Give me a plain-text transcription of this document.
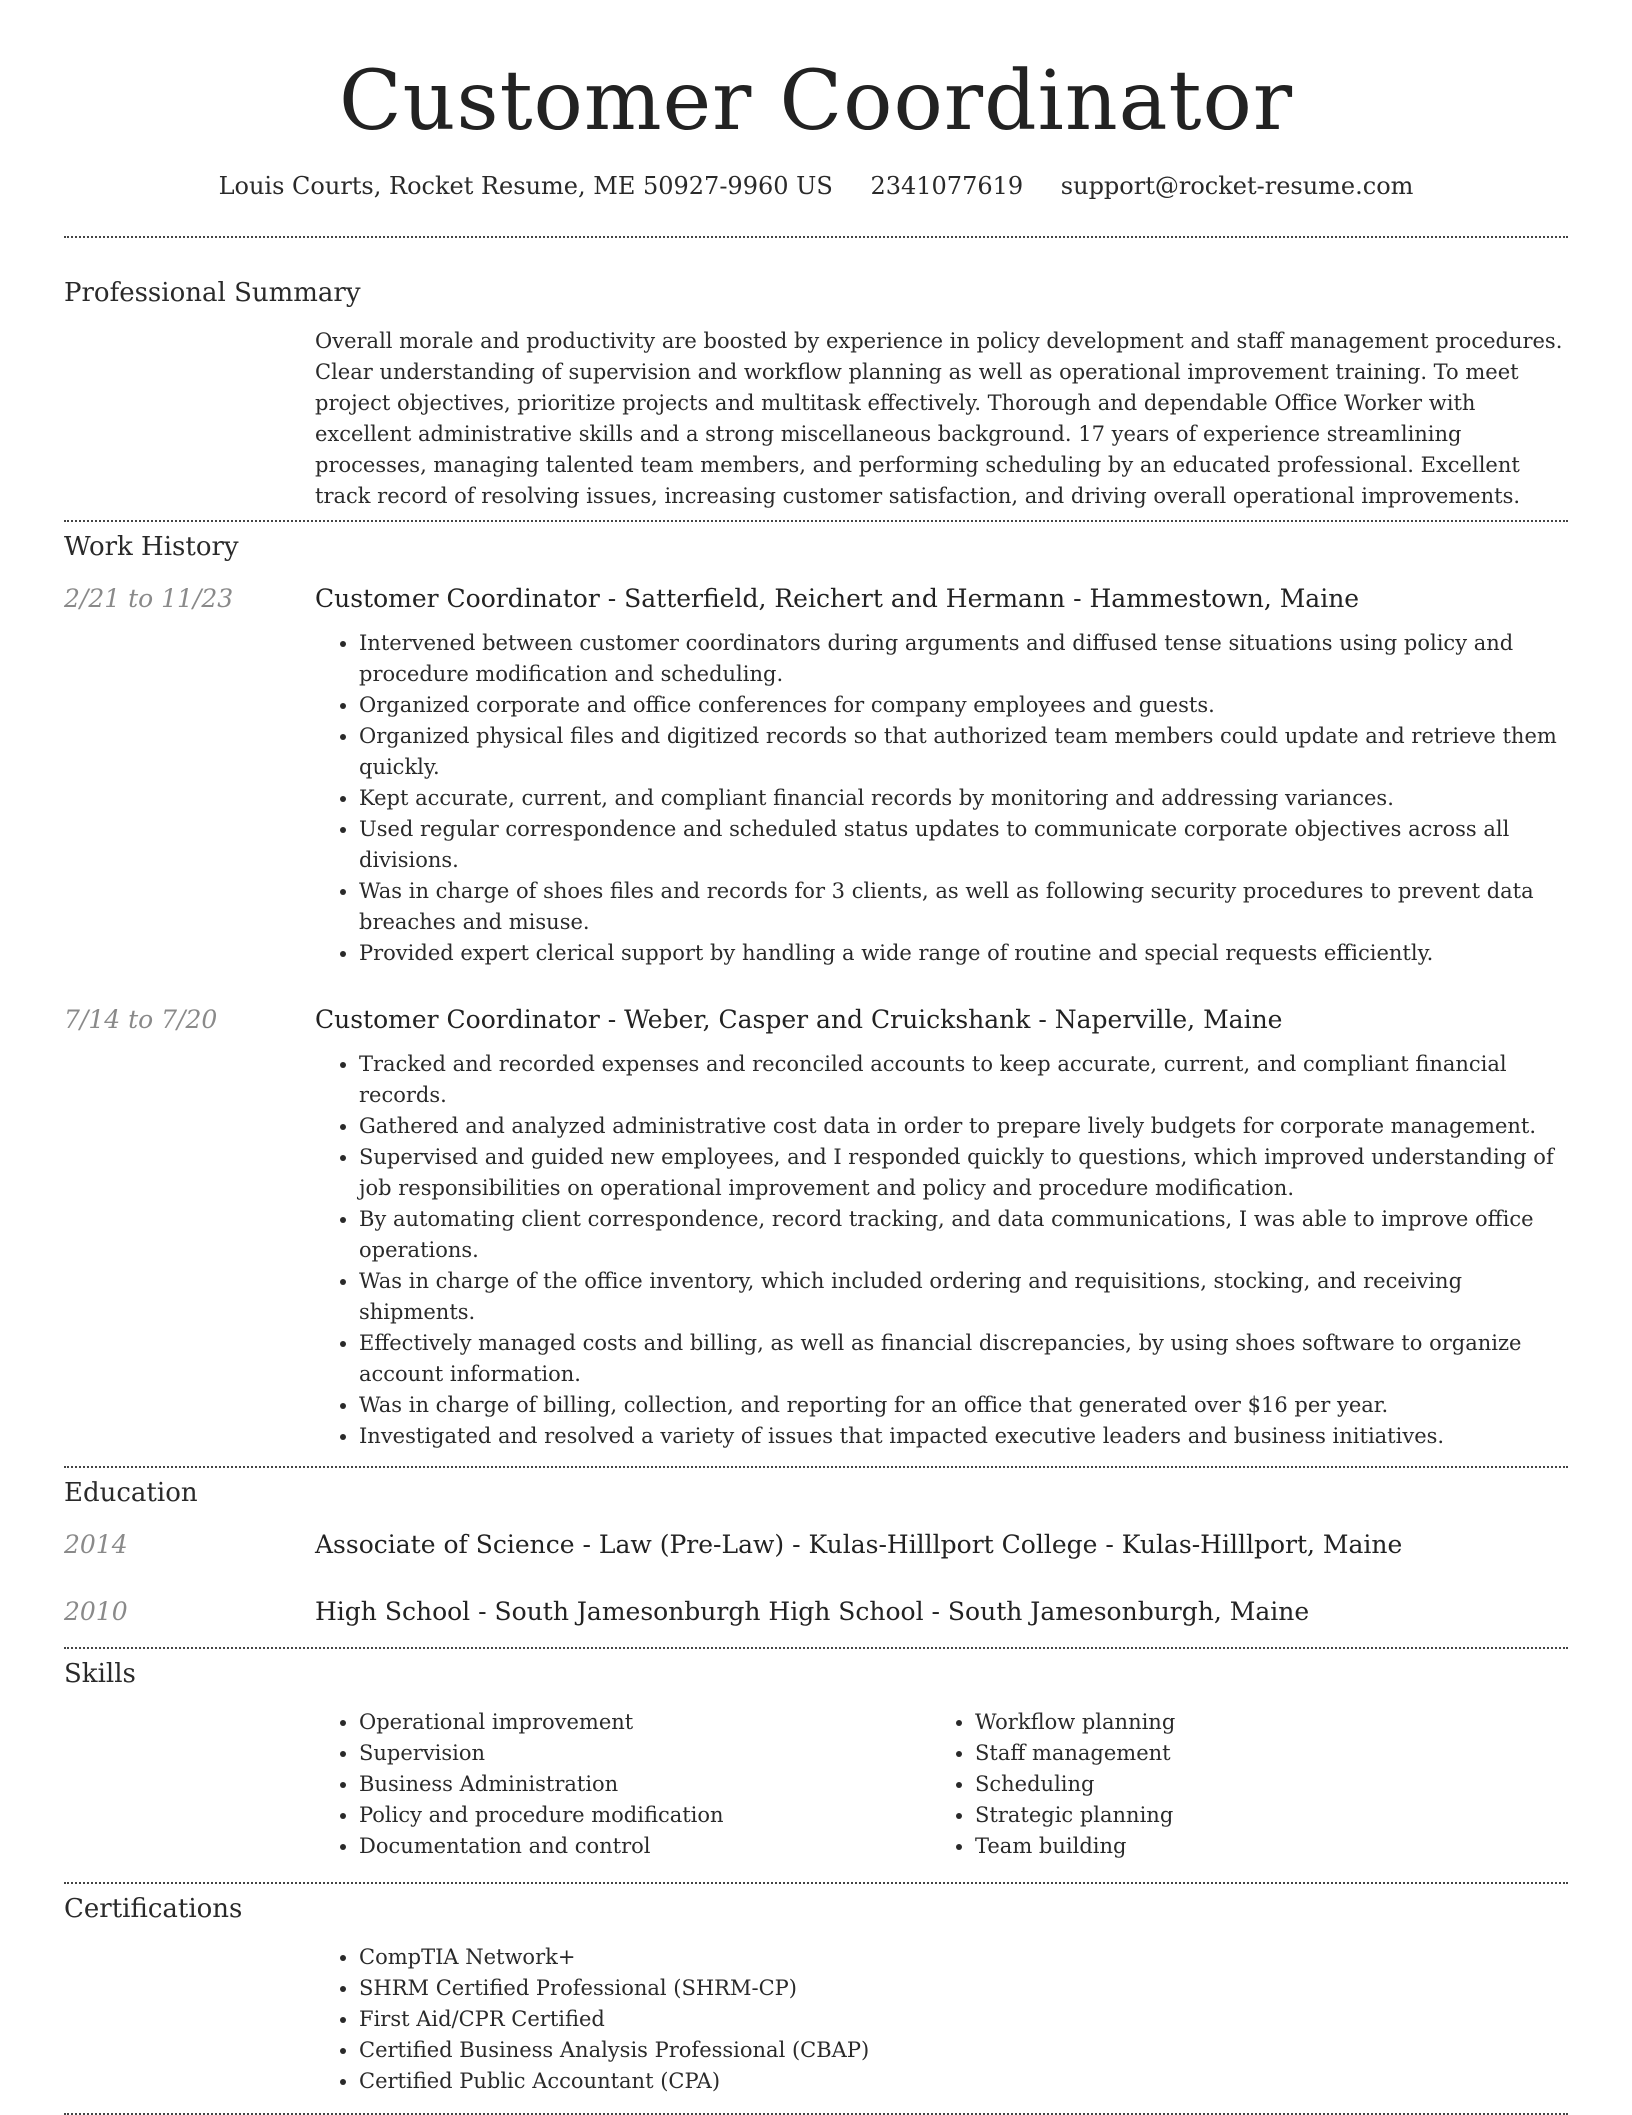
Customer Coordinator
Louis Courts, Rocket Resume, ME 50927-9960 US 2341077619 support@rocket-resume.com
Professional Summary
Overall morale and productivity are boosted by experience in policy development and staff management procedures. Clear understanding of supervision and workflow planning as well as operational improvement training. To meet project objectives, prioritize projects and multitask effectively. Thorough and dependable Office Worker with excellent administrative skills and a strong miscellaneous background. 17 years of experience streamlining processes, managing talented team members, and performing scheduling by an educated professional. Excellent track record of resolving issues, increasing customer satisfaction, and driving overall operational improvements.
Work History
2/21 to 11/23	Customer Coordinator - Satterfield, Reichert and Hermann - Hammestown, Maine
• Intervened between customer coordinators during arguments and diffused tense situations using policy and procedure modification and scheduling.
• Organized corporate and office conferences for company employees and guests.
• Organized physical files and digitized records so that authorized team members could update and retrieve them quickly.
• Kept accurate, current, and compliant financial records by monitoring and addressing variances.
• Used regular correspondence and scheduled status updates to communicate corporate objectives across all divisions.
• Was in charge of shoes files and records for 3 clients, as well as following security procedures to prevent data breaches and misuse.
• Provided expert clerical support by handling a wide range of routine and special requests efficiently.
7/14 to 7/20	Customer Coordinator - Weber, Casper and Cruickshank - Naperville, Maine
• Tracked and recorded expenses and reconciled accounts to keep accurate, current, and compliant financial records.
• Gathered and analyzed administrative cost data in order to prepare lively budgets for corporate management.
• Supervised and guided new employees, and I responded quickly to questions, which improved understanding of job responsibilities on operational improvement and policy and procedure modification.
• By automating client correspondence, record tracking, and data communications, I was able to improve office operations.
• Was in charge of the office inventory, which included ordering and requisitions, stocking, and receiving shipments.
• Effectively managed costs and billing, as well as financial discrepancies, by using shoes software to organize account information.
• Was in charge of billing, collection, and reporting for an office that generated over $16 per year.
• Investigated and resolved a variety of issues that impacted executive leaders and business initiatives.
Education
2014	Associate of Science - Law (Pre-Law) - Kulas-Hilllport College - Kulas-Hilllport, Maine
2010	High School - South Jamesonburgh High School - South Jamesonburgh, Maine
Skills
• Operational improvement
• Supervision
• Business Administration
• Policy and procedure modification
• Documentation and control
• Workflow planning
• Staff management
• Scheduling
• Strategic planning
• Team building
Certifications
• CompTIA Network+
• SHRM Certified Professional (SHRM-CP)
• First Aid/CPR Certified
• Certified Business Analysis Professional (CBAP)
• Certified Public Accountant (CPA)
